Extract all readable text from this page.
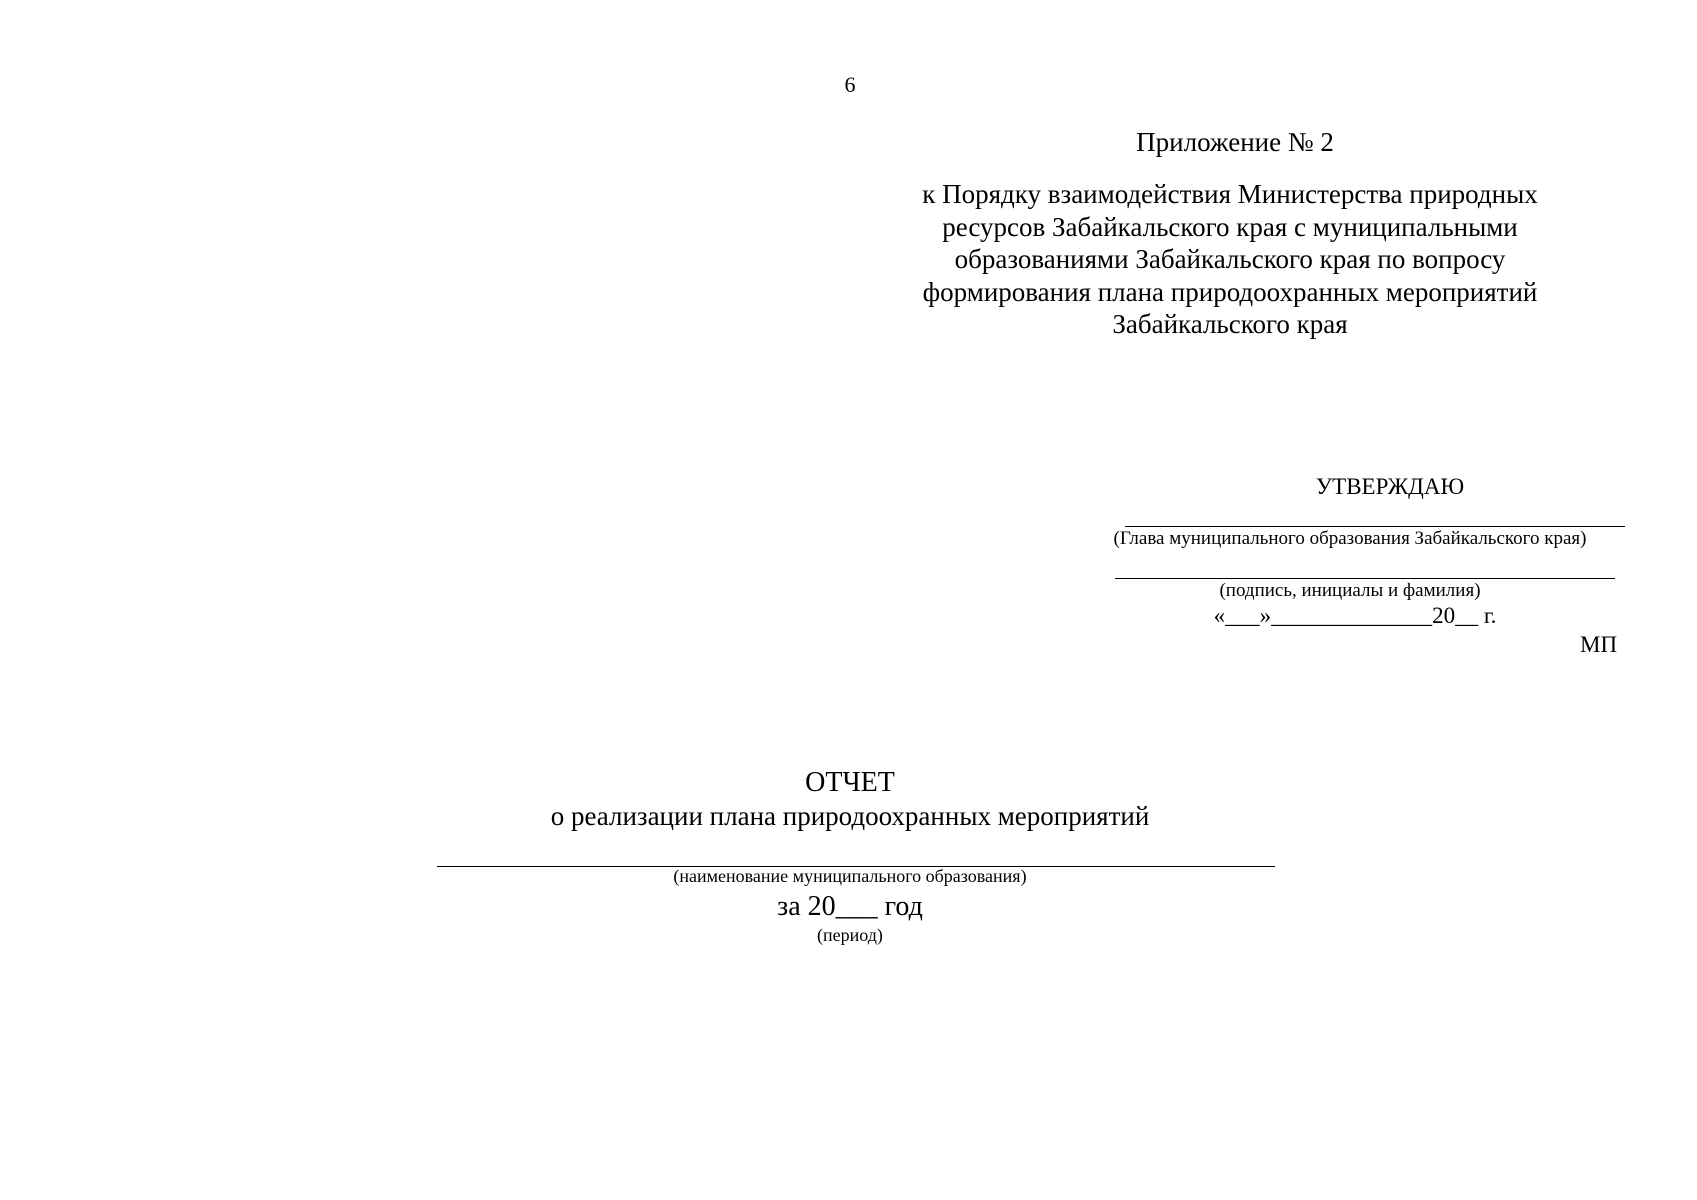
6
Приложение № 2
к Порядку взаимодействия Министерства природных
ресурсов Забайкальского края с муниципальными
образованиями Забайкальского края по вопросу
формирования плана природоохранных мероприятий
Забайкальского края
УТВЕРЖДАЮ
(Глава муниципального образования Забайкальского края)
(подпись, инициалы и фамилия)
«___»______________20__ г.
МП
ОТЧЕТ
о реализации плана природоохранных мероприятий
(наименование муниципального образования)
за 20___ год
(период)
